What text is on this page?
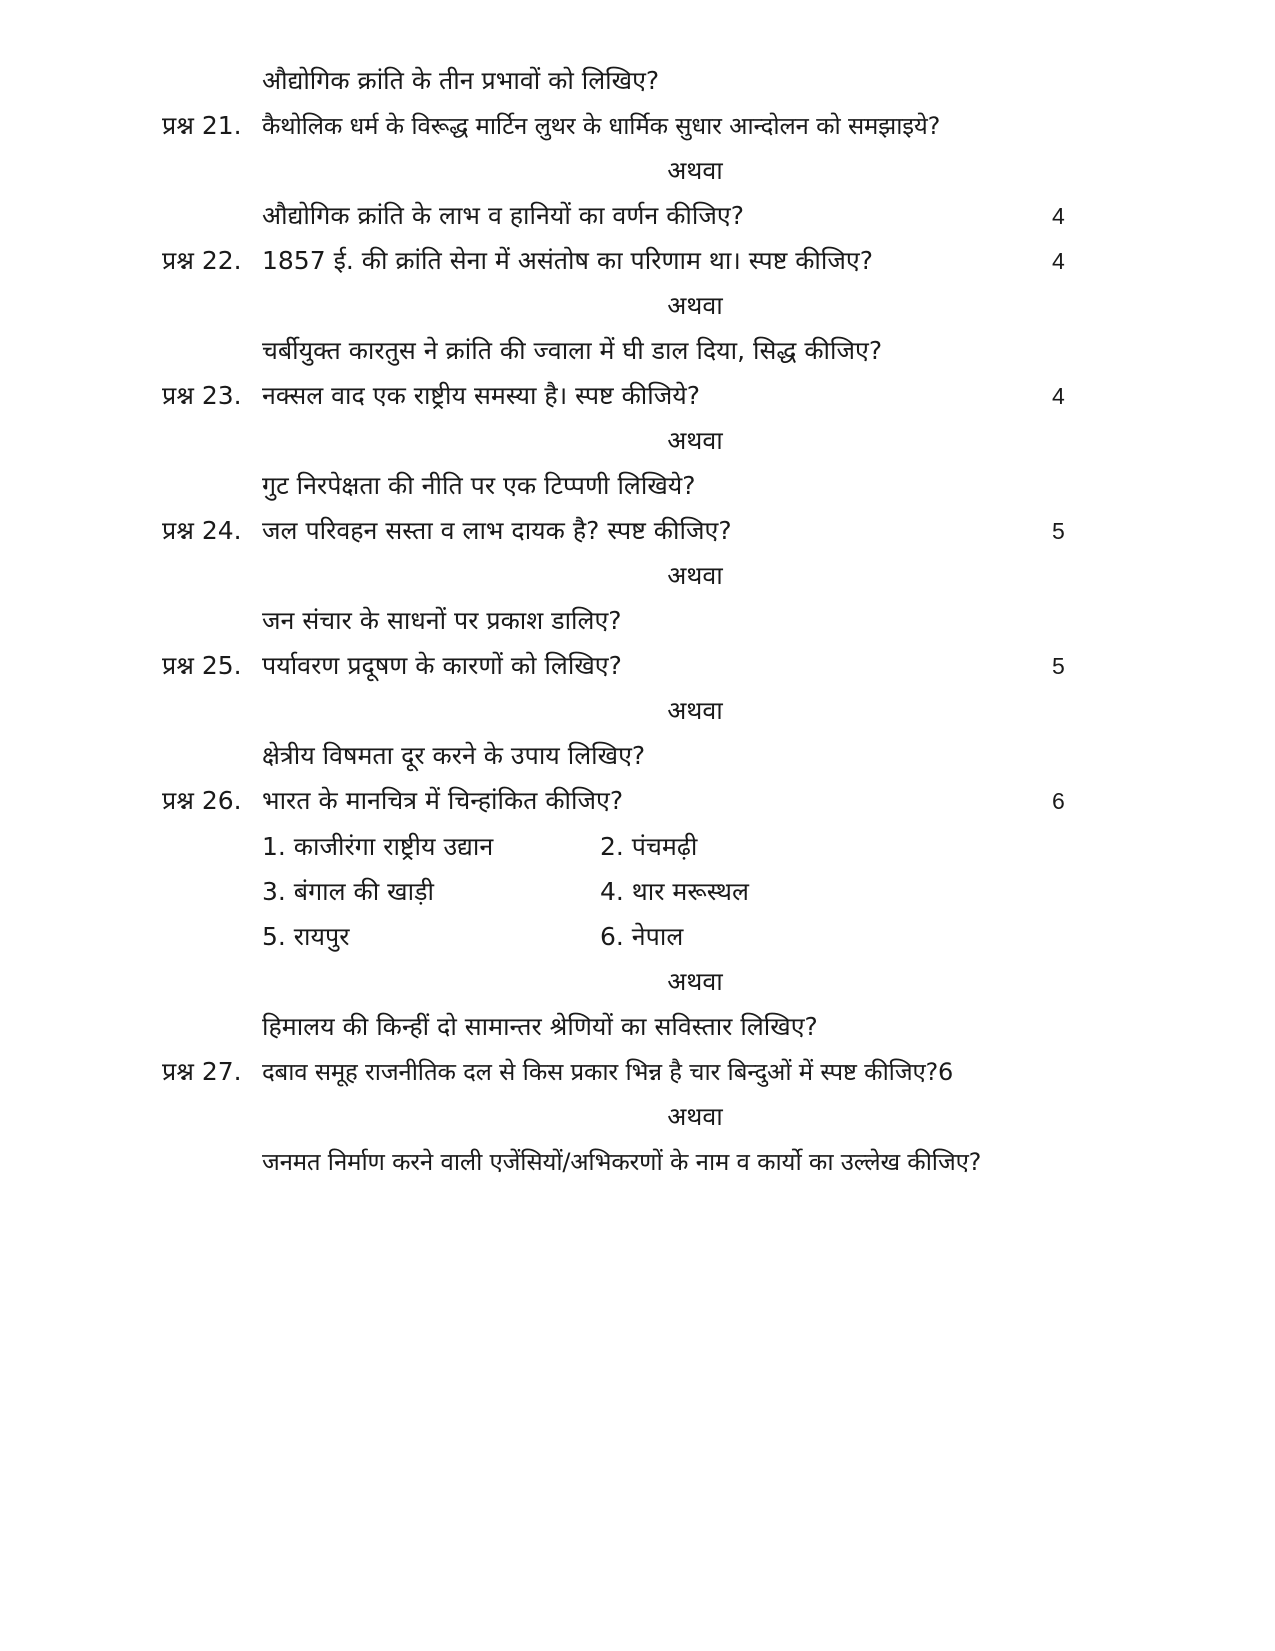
औद्योगिक क्रांति के तीन प्रभावों को लिखिए?
प्रश्न 21. कैथोलिक धर्म के विरूद्ध मार्टिन लुथर के धार्मिक सुधार आन्दोलन को समझाइये?
अथवा
औद्योगिक क्रांति के लाभ व हानियों का वर्णन कीजिए?	4
प्रश्न 22. 1857 ई. की क्रांति सेना में असंतोष का परिणाम था। स्पष्ट कीजिए?	4
अथवा
चर्बीयुक्त कारतुस ने क्रांति की ज्वाला में घी डाल दिया, सिद्ध कीजिए?
प्रश्न 23. नक्सल वाद एक राष्ट्रीय समस्या है। स्पष्ट कीजिये?	4
अथवा
गुट निरपेक्षता की नीति पर एक टिप्पणी लिखिये?
प्रश्न 24. जल परिवहन सस्ता व लाभ दायक है? स्पष्ट कीजिए?	5
अथवा
जन संचार के साधनों पर प्रकाश डालिए?
प्रश्न 25. पर्यावरण प्रदूषण के कारणों को लिखिए?	5
अथवा
क्षेत्रीय विषमता दूर करने के उपाय लिखिए?
प्रश्न 26. भारत के मानचित्र में चिन्हांकित कीजिए?	6
1. काजीरंगा राष्ट्रीय उद्यान	2. पंचमढ़ी
3. बंगाल की खाड़ी	4. थार मरूस्थल
5. रायपुर	6. नेपाल
अथवा
हिमालय की किन्हीं दो सामान्तर श्रेणियों का सविस्तार लिखिए?
प्रश्न 27. दबाव समूह राजनीतिक दल से किस प्रकार भिन्न है चार बिन्दुओं में स्पष्ट कीजिए?6
अथवा
जनमत निर्माण करने वाली एजेंसियों/अभिकरणों के नाम व कार्यो का उल्लेख कीजिए?
